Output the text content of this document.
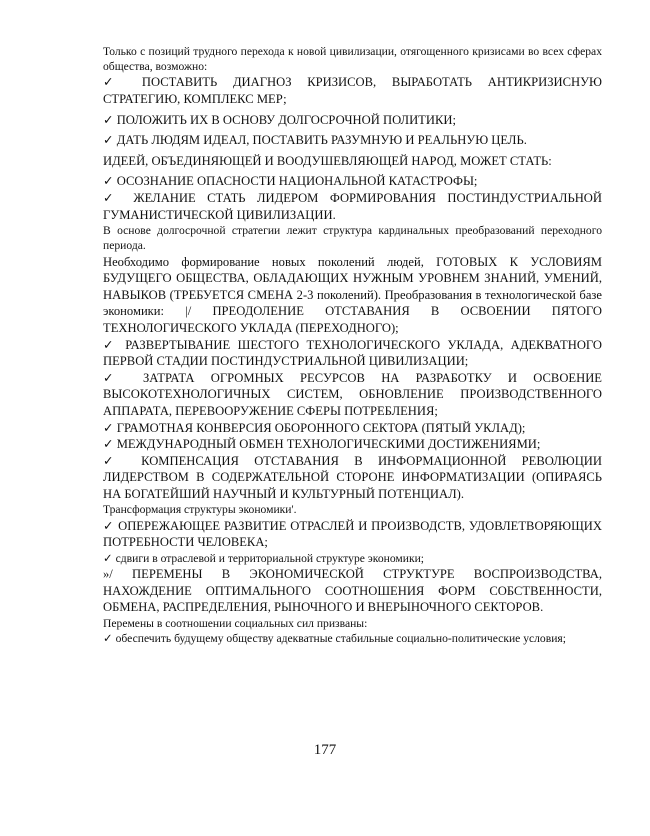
Только с позиций трудного перехода к новой цивилизации, отягощенного кризисами во всех сферах общества, возможно:

✓ ПОСТАВИТЬ ДИАГНОЗ КРИЗИСОВ, ВЫРАБОТАТЬ АНТИКРИЗИСНУЮ СТРАТЕГИЮ, КОМПЛЕКС МЕР;

✓ ПОЛОЖИТЬ ИХ В ОСНОВУ ДОЛГОСРОЧНОЙ ПОЛИТИКИ;

✓ ДАТЬ ЛЮДЯМ ИДЕАЛ, ПОСТАВИТЬ РАЗУМНУЮ И РЕАЛЬНУЮ ЦЕЛЬ.

ИДЕЕЙ, ОБЪЕДИНЯЮЩЕЙ И ВООДУШЕВЛЯЮЩЕЙ НАРОД, МОЖЕТ СТАТЬ:

✓ ОСОЗНАНИЕ ОПАСНОСТИ НАЦИОНАЛЬНОЙ КАТАСТРОФЫ;

✓ ЖЕЛАНИЕ СТАТЬ ЛИДЕРОМ ФОРМИРОВАНИЯ ПОСТИНДУСТРИАЛЬНОЙ ГУМАНИСТИЧЕСКОЙ ЦИВИЛИЗАЦИИ.

В основе долгосрочной стратегии лежит структура кардинальных преобразований переходного периода.

Необходимо формирование новых поколений людей, ГОТОВЫХ К УСЛОВИЯМ БУДУЩЕГО ОБЩЕСТВА, ОБЛАДАЮЩИХ НУЖНЫМ УРОВНЕМ ЗНАНИЙ, УМЕНИЙ, НАВЫКОВ (ТРЕБУЕТСЯ СМЕНА 2-3 поколений). Преобразования в технологической базе экономики: |/ ПРЕОДОЛЕНИЕ ОТСТАВАНИЯ В ОСВОЕНИИ ПЯТОГО ТЕХНОЛОГИЧЕСКОГО УКЛАДА (ПЕРЕХОДНОГО);

✓ РАЗВЕРТЫВАНИЕ ШЕСТОГО ТЕХНОЛОГИЧЕСКОГО УКЛАДА, АДЕКВАТНОГО ПЕРВОЙ СТАДИИ ПОСТИНДУСТРИАЛЬНОЙ ЦИВИЛИЗАЦИИ;

✓ ЗАТРАТА ОГРОМНЫХ РЕСУРСОВ НА РАЗРАБОТКУ И ОСВОЕНИЕ ВЫСОКОТЕХНОЛОГИЧНЫХ СИСТЕМ, ОБНОВЛЕНИЕ ПРОИЗВОДСТВЕННОГО АППАРАТА, ПЕРЕВООРУЖЕНИЕ СФЕРЫ ПОТРЕБЛЕНИЯ;

✓ ГРАМОТНАЯ КОНВЕРСИЯ ОБОРОННОГО СЕКТОРА (ПЯТЫЙ УКЛАД);

✓ МЕЖДУНАРОДНЫЙ ОБМЕН ТЕХНОЛОГИЧЕСКИМИ ДОСТИЖЕНИЯМИ;

✓ КОМПЕНСАЦИЯ ОТСТАВАНИЯ В ИНФОРМАЦИОННОЙ РЕВОЛЮЦИИ ЛИДЕРСТВОМ В СОДЕРЖАТЕЛЬНОЙ СТОРОНЕ ИНФОРМАТИЗАЦИИ (ОПИРАЯСЬ НА БОГАТЕЙШИЙ НАУЧНЫЙ И КУЛЬТУРНЫЙ ПОТЕНЦИАЛ).

Трансформация структуры экономики'.

✓ ОПЕРЕЖАЮЩЕЕ РАЗВИТИЕ ОТРАСЛЕЙ И ПРОИЗВОДСТВ, УДОВЛЕТВОРЯЮЩИХ ПОТРЕБНОСТИ ЧЕЛОВЕКА;

✓ сдвиги в отраслевой и территориальной структуре экономики;

»/ ПЕРЕМЕНЫ В ЭКОНОМИЧЕСКОЙ СТРУКТУРЕ ВОСПРОИЗВОДСТВА, НАХОЖДЕНИЕ ОПТИМАЛЬНОГО СООТНОШЕНИЯ ФОРМ СОБСТВЕННОСТИ, ОБМЕНА, РАСПРЕДЕЛЕНИЯ, РЫНОЧНОГО И ВНЕРЫНОЧНОГО СЕКТОРОВ.

Перемены в соотношении социальных сил призваны:

✓ обеспечить будущему обществу адекватные стабильные социально-политические условия;

177
